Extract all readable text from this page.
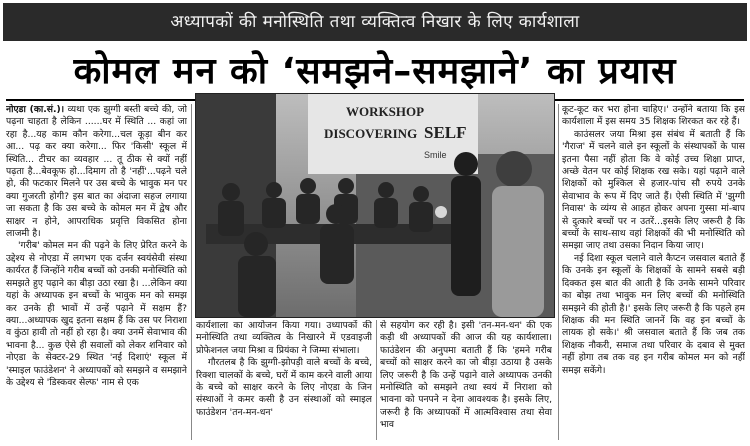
अध्यापकों की मनोस्थिति तथा व्यक्तित्व निखार के लिए कार्यशाला
कोमल मन को ‘समझने–समझाने’ का प्रयास

नोएडा (का.सं.)। व्यथा एक झुग्गी बस्ती बच्चे की, जो पढ़ना चाहता है लेकिन ......घर में स्थिति ... कहां जा रहा है...यह काम कौन करेगा...चल कूड़ा बीन कर आ... पढ़ कर क्या करेगा... फिर 'किसी' स्कूल में स्थिति... टीचर का व्यवहार ... तू ठीक से क्यों नहीं पढ़ता है...बेवकूफ हो...दिमाग तो है 'नहीं'...पढ़ने चले हो, की फटकार मिलने पर उस बच्चे के भावुक मन पर क्या गुजरती होगी? इस बात का अंदाजा सहज लगाया जा सकता है कि उस बच्चे के कोमल मन में द्वेष और साक्षर न होने, आपराधिक प्रवृत्ति विकसित होना लाजमी है।

'गरीब' कोमल मन की पढ़ने के लिए प्रेरित करने के उद्देश्य से नोएडा में लगभग एक दर्जन स्वयंसेवी संस्था कार्यरत हैं जिन्होंने गरीब बच्चों को उनकी मनोस्थिति को समझते हुए पढ़ाने का बीड़ा उठा रखा है। ...लेकिन क्या यहां के अध्यापक इन बच्चों के भावुक मन को समझ कर उनके ही भावों में उन्हें पढ़ाने में सक्षम हैं? क्या...अध्यापक खुद इतना सक्षम हैं कि उस पर निराशा व कुंठा हावी तो नहीं हो रहा है। क्या उनमें सेवाभाव की भावना है... कुछ ऐसे ही सवालों को लेकर शनिवार को नोएडा के सेक्टर-29 स्थित 'नई दिशाएं' स्कूल में 'स्माइल फाउंडेशन' ने अध्यापकों को समझने व समझाने के उद्देश्य से 'डिस्कवर सेल्फ' नाम से एक

WORKSHOP
DISCOVERING SELF
Smile

कार्यशाला का आयोजन किया गया। उध्यापकों की मनोस्थिति तथा व्यक्तित्व के निखारने में एडवाइजी प्रोफेशनल जया मिश्रा व प्रियंका ने जिम्मा संभाला।

गौरतलब है कि झुग्गी-झोपड़ी वाले बच्चों के बच्चे, रिक्शा चालकों के बच्चे, घरों में काम करने वाली आया के बच्चे को साक्षर करने के लिए नोएडा के जिन संस्थाओं ने कमर कसी है उन संस्थाओं को स्माइल फाउंडेशन 'तन-मन-धन'

से सहयोग कर रही है। इसी 'तन-मन-धन' की एक कड़ी थी अध्यापकों की आज की यह कार्यशाला। फाउंडेशन की अनुपमा बताती हैं कि 'हमने गरीब बच्चों को साक्षर करने का जो बीड़ा उठाया है उसके लिए जरूरी है कि उन्हें पढ़ाने वाले अध्यापक उनकी मनोस्थिति को समझने तथा स्वयं में निराशा को भावना को पनपने न देना आवश्यक है। इसके लिए, जरूरी है कि अध्यापकों में आत्मविश्वास तथा सेवा भाव

कूट-कूट कर भरा होना चाहिए।' उन्होंने बताया कि इस कार्यशाला में इस समय 35 शिक्षक शिरकत कर रहे हैं।

काउंसलर जया मिश्रा इस संबंध में बताती हैं कि 'गैराज' में चलने वाले इन स्कूलों के संस्थापकों के पास इतना पैसा नहीं होता कि वे कोई उच्च शिक्षा प्राप्त, अच्छे वेतन पर कोई शिक्षक रख सके। यहां पढ़ाने वाले शिक्षकों को मुश्किल से हजार-पांच सौ रुपये उनके सेवाभाव के रूप में दिए जाते हैं। ऐसी स्थिति में 'झुग्गी निवास' के व्यंग्य से आहत होकर अपना गुस्सा मां-बाप से दुत्कारे बच्चों पर न उतरें...इसके लिए जरूरी है कि बच्चों के साथ-साथ वहां शिक्षकों की भी मनोस्थिति को समझा जाए तथा उसका निदान किया जाए।

नई दिशा स्कूल चलाने वाले कैप्टन जसवाल बताते हैं कि उनके इन स्कूलों के शिक्षकों के सामने सबसे बड़ी दिक्कत इस बात की आती है कि उनके सामने परिवार का बोझ तथा भावुक मन लिए बच्चों की मनोस्थिति समझने की होती है।' इसके लिए जरूरी है कि पहले हम शिक्षक की मन स्थिति जाननें कि वह इन बच्चों के लायक हो सके।' श्री जसवाल बताते हैं कि जब तक शिक्षक नौकरी, समाज तथा परिवार के दबाव से मुक्त नहीं होगा तब तक वह इन गरीब कोमल मन को नहीं समझ सकेंगे।
